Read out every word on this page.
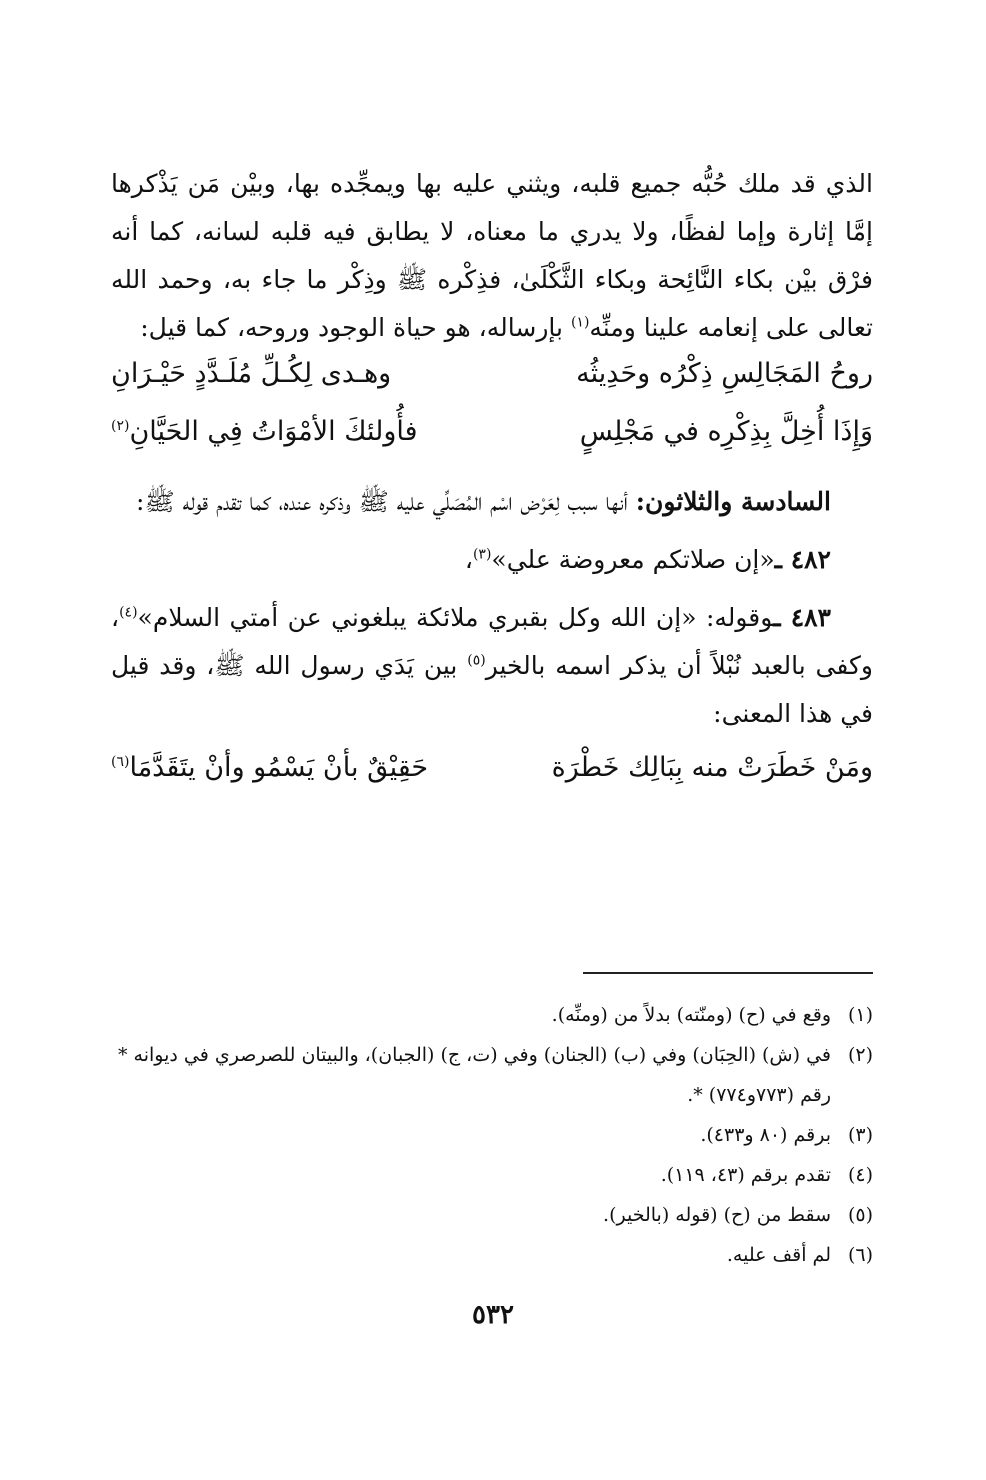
الذي قد ملك حُبُّه جميع قلبه، ويثني عليه بها ويمجِّده بها، وبيْن مَن يَذْكرها إمَّا إثارة وإما لفظًا، ولا يدري ما معناه، لا يطابق فيه قلبه لسانه، كما أنه فرْق بيْن بكاء النَّائِحة وبكاء الثَّكْلَىٰ، فذِكْره ﷺ وذِكْر ما جاء به، وحمد الله تعالى على إنعامه علينا ومنِّه$^{(١)}$ بإرساله، هو حياة الوجود وروحه، كما قيل:

روحُ المَجَالِسِ ذِكْرُه وحَدِيثُه
وهـدى لِكُـلِّ مُلَـدَّدٍ حَيْـرَانِ
وَإِذَا أُخِلَّ بِذِكْرِه في مَجْلِسٍ
فأُولئكَ الأمْوَاتُ فِي الحَيَّانِ$^{(٢)}$

السادسة والثلاثون: أنها سبب لِعَرْض اسْم المُصَلِّي عليه ﷺ وذكره عنده، كما تقدم قوله ﷺ:

٤٨٢ ـ«إن صلاتكم معروضة علي»$^{(٣)}$،

٤٨٣ ـوقوله: «إن الله وكل بقبري ملائكة يبلغوني عن أمتي السلام»$^{(٤)}$، وكفى بالعبد نُبْلاً أن يذكر اسمه بالخير$^{(٥)}$ بين يَدَي رسول الله ﷺ، وقد قيل في هذا المعنى:

ومَنْ خَطَرَتْ منه بِبَالِك خَطْرَة
حَقِيْقٌ بأنْ يَسْمُو وأنْ يتَقَدَّمَا$^{(٦)}$

(١)
وقع في (ح) (ومنّته) بدلاً من (ومنِّه).

(٢)
في (ش) (الحِبَان) وفي (ب) (الجنان) وفي (ت، ج) (الجبان)، والبيتان للصرصري في ديوانه * رقم (٧٧٣و٧٧٤) *.

(٣)
برقم (٨٠ و٤٣٣).

(٤)
تقدم برقم (٤٣، ١١٩).

(٥)
سقط من (ح) (قوله (بالخير).

(٦)
لم أقف عليه.

٥٣٢
